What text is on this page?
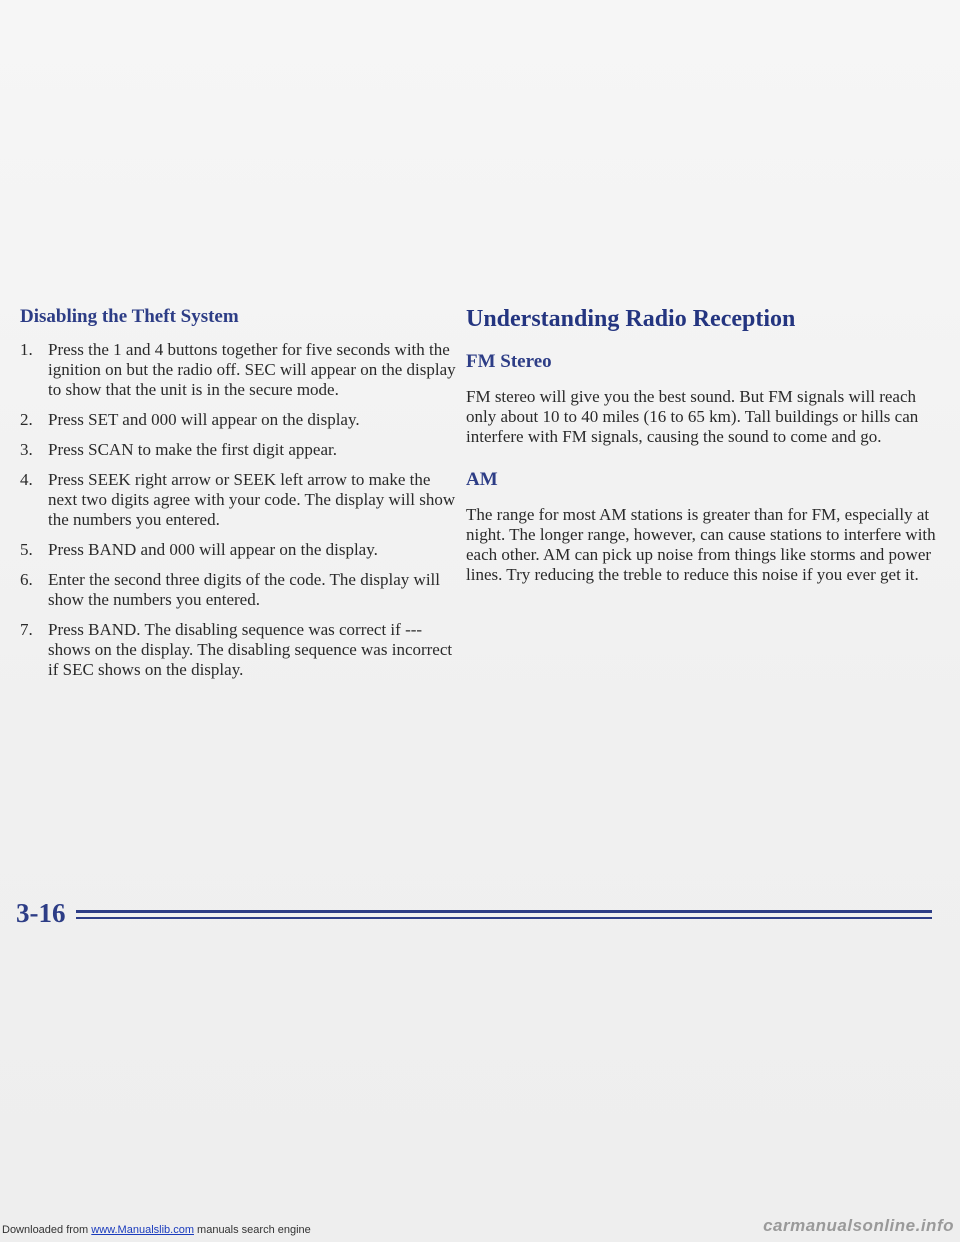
Disabling the Theft System
1. Press the 1 and 4 buttons together for five seconds with the ignition on but the radio off. SEC will appear on the display to show that the unit is in the secure mode.
2. Press SET and 000 will appear on the display.
3. Press SCAN to make the first digit appear.
4. Press SEEK right arrow or SEEK left arrow to make the next two digits agree with your code. The display will show the numbers you entered.
5. Press BAND and 000 will appear on the display.
6. Enter the second three digits of the code. The display will show the numbers you entered.
7. Press BAND. The disabling sequence was correct if --- shows on the display. The disabling sequence was incorrect if SEC shows on the display.
Understanding Radio Reception
FM Stereo

FM stereo will give you the best sound. But FM signals will reach only about 10 to 40 miles (16 to 65 km). Tall buildings or hills can interfere with FM signals, causing the sound to come and go.

AM

The range for most AM stations is greater than for FM, especially at night. The longer range, however, can cause stations to interfere with each other. AM can pick up noise from things like storms and power lines. Try reducing the treble to reduce this noise if you ever get it.

3-16
Downloaded from www.Manualslib.com manuals search engine	carmanualsonline.info
